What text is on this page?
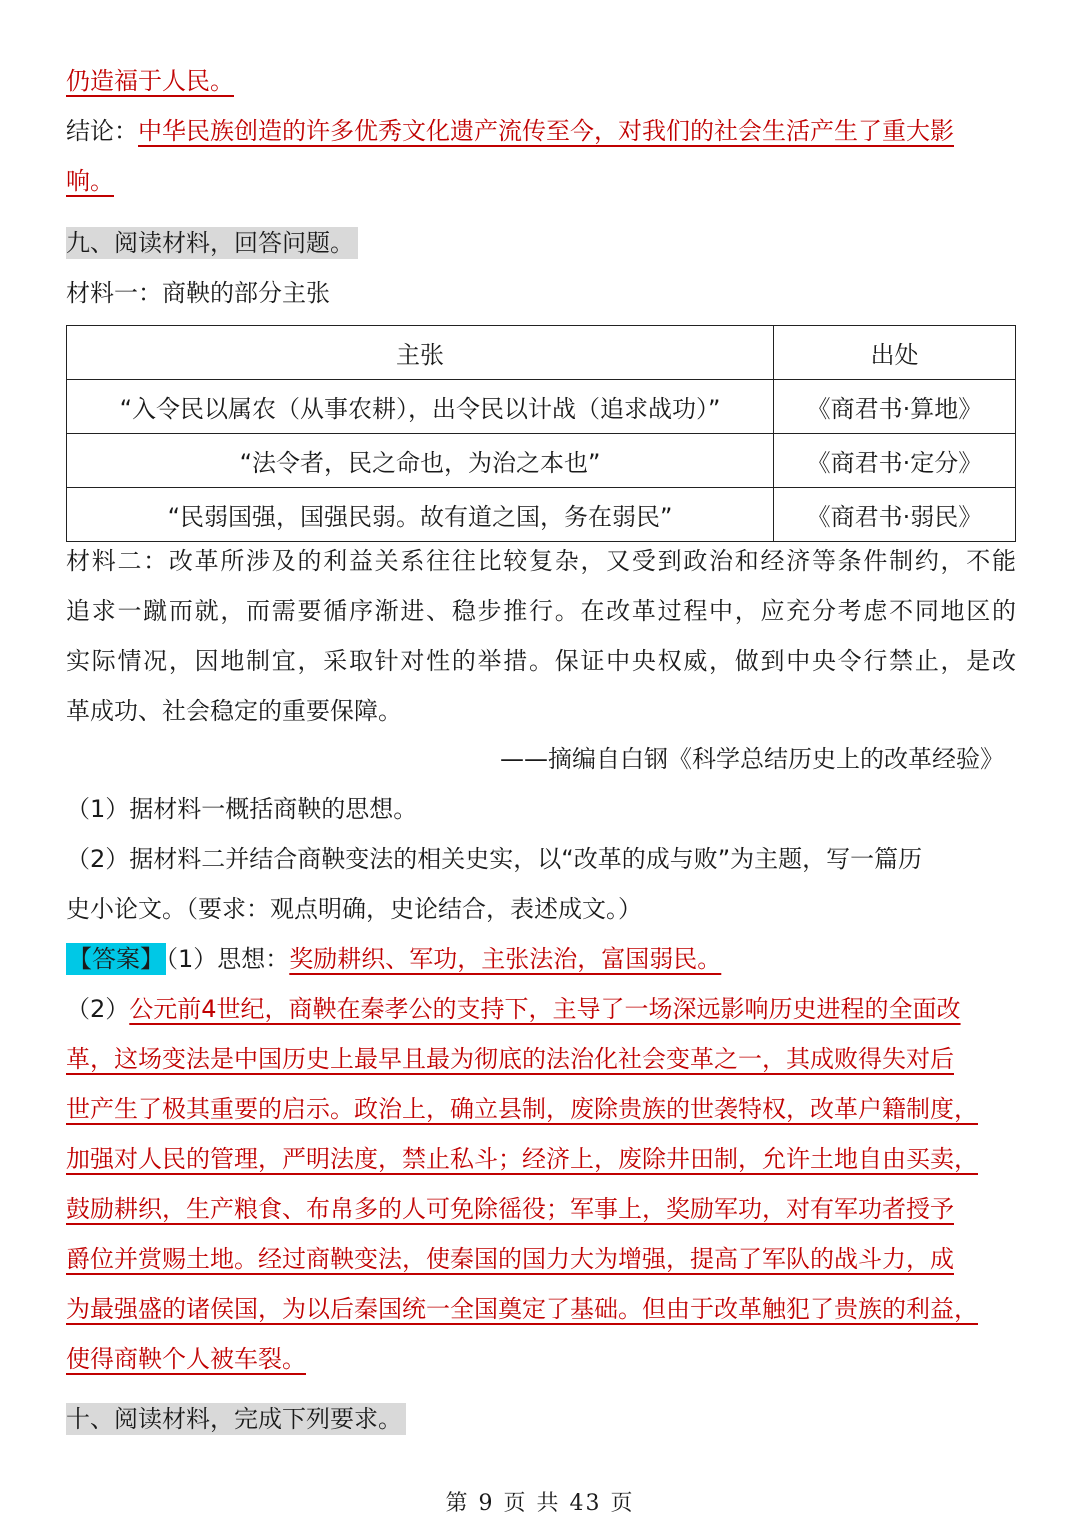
仍造福于人民。
结论：中华民族创造的许多优秀文化遗产流传至今，对我们的社会生活产生了重大影
响。
九、阅读材料，回答问题。
材料一：商鞅的部分主张
主张	出处
“入令民以属农（从事农耕），出令民以计战（追求战功）”	《商君书·算地》
“法令者，民之命也，为治之本也”	《商君书·定分》
“民弱国强，国强民弱。故有道之国，务在弱民”	《商君书·弱民》
材料二：改革所涉及的利益关系往往比较复杂，又受到政治和经济等条件制约，不能
追求一蹴而就，而需要循序渐进、稳步推行。在改革过程中，应充分考虑不同地区的
实际情况，因地制宜，采取针对性的举措。保证中央权威，做到中央令行禁止，是改
革成功、社会稳定的重要保障。
——摘编自白钢《科学总结历史上的改革经验》
（1）据材料一概括商鞅的思想。
（2）据材料二并结合商鞅变法的相关史实，以“改革的成与败”为主题，写一篇历
史小论文。（要求：观点明确，史论结合，表述成文。）
【答案】（1）思想：奖励耕织、军功，主张法治，富国弱民。
（2）公元前4世纪，商鞅在秦孝公的支持下，主导了一场深远影响历史进程的全面改
革，这场变法是中国历史上最早且最为彻底的法治化社会变革之一，其成败得失对后
世产生了极其重要的启示。政治上，确立县制，废除贵族的世袭特权，改革户籍制度，
加强对人民的管理，严明法度，禁止私斗；经济上，废除井田制，允许土地自由买卖，
鼓励耕织，生产粮食、布帛多的人可免除徭役；军事上，奖励军功，对有军功者授予
爵位并赏赐土地。经过商鞅变法，使秦国的国力大为增强，提高了军队的战斗力，成
为最强盛的诸侯国，为以后秦国统一全国奠定了基础。但由于改革触犯了贵族的利益，
使得商鞅个人被车裂。
十、阅读材料，完成下列要求。
第 9 页 共 43 页
